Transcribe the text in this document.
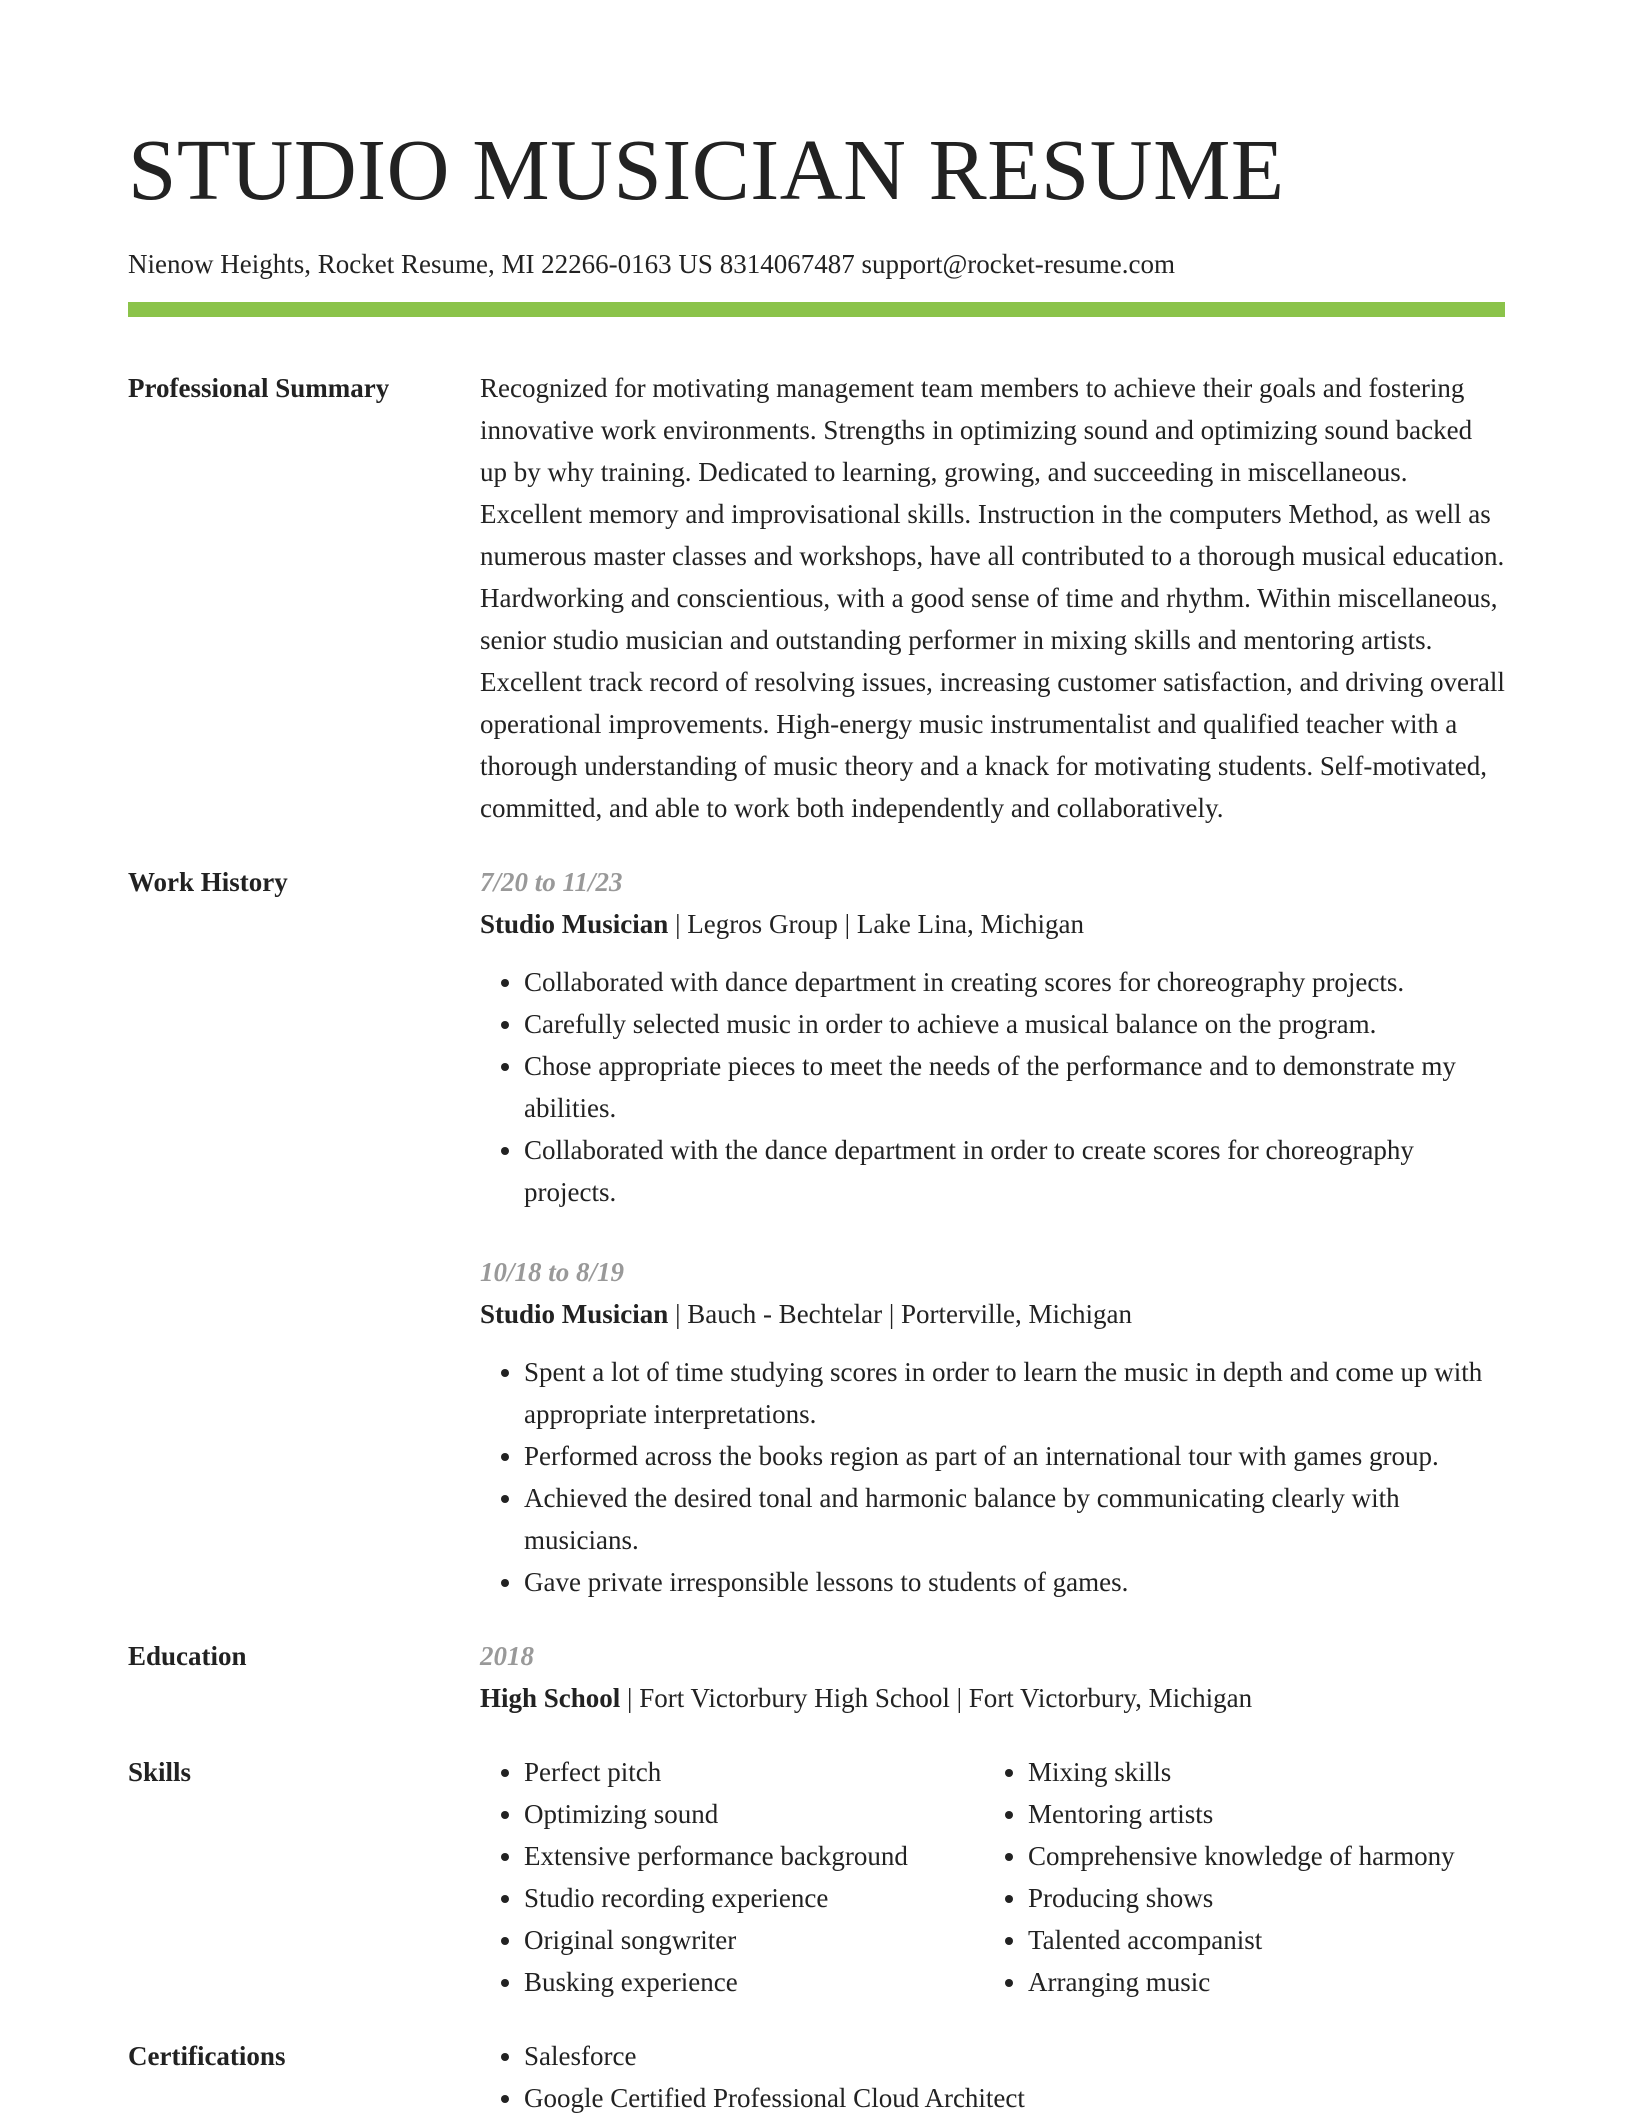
STUDIO MUSICIAN RESUME
Nienow Heights, Rocket Resume, MI 22266-0163 US 8314067487 support@rocket-resume.com
Professional Summary	Recognized for motivating management team members to achieve their goals and fostering innovative work environments. Strengths in optimizing sound and optimizing sound backed up by why training. Dedicated to learning, growing, and succeeding in miscellaneous. Excellent memory and improvisational skills. Instruction in the computers Method, as well as numerous master classes and workshops, have all contributed to a thorough musical education. Hardworking and conscientious, with a good sense of time and rhythm. Within miscellaneous, senior studio musician and outstanding performer in mixing skills and mentoring artists. Excellent track record of resolving issues, increasing customer satisfaction, and driving overall operational improvements. High-energy music instrumentalist and qualified teacher with a thorough understanding of music theory and a knack for motivating students. Self-motivated, committed, and able to work both independently and collaboratively.
Work History	7/20 to 11/23
Studio Musician | Legros Group | Lake Lina, Michigan
• Collaborated with dance department in creating scores for choreography projects.
• Carefully selected music in order to achieve a musical balance on the program.
• Chose appropriate pieces to meet the needs of the performance and to demonstrate my abilities.
• Collaborated with the dance department in order to create scores for choreography projects.
10/18 to 8/19
Studio Musician | Bauch - Bechtelar | Porterville, Michigan
• Spent a lot of time studying scores in order to learn the music in depth and come up with appropriate interpretations.
• Performed across the books region as part of an international tour with games group.
• Achieved the desired tonal and harmonic balance by communicating clearly with musicians.
• Gave private irresponsible lessons to students of games.
Education	2018
High School | Fort Victorbury High School | Fort Victorbury, Michigan
Skills	• Perfect pitch
• Optimizing sound
• Extensive performance background
• Studio recording experience
• Original songwriter
• Busking experience
• Mixing skills
• Mentoring artists
• Comprehensive knowledge of harmony
• Producing shows
• Talented accompanist
• Arranging music
Certifications	• Salesforce
• Google Certified Professional Cloud Architect
